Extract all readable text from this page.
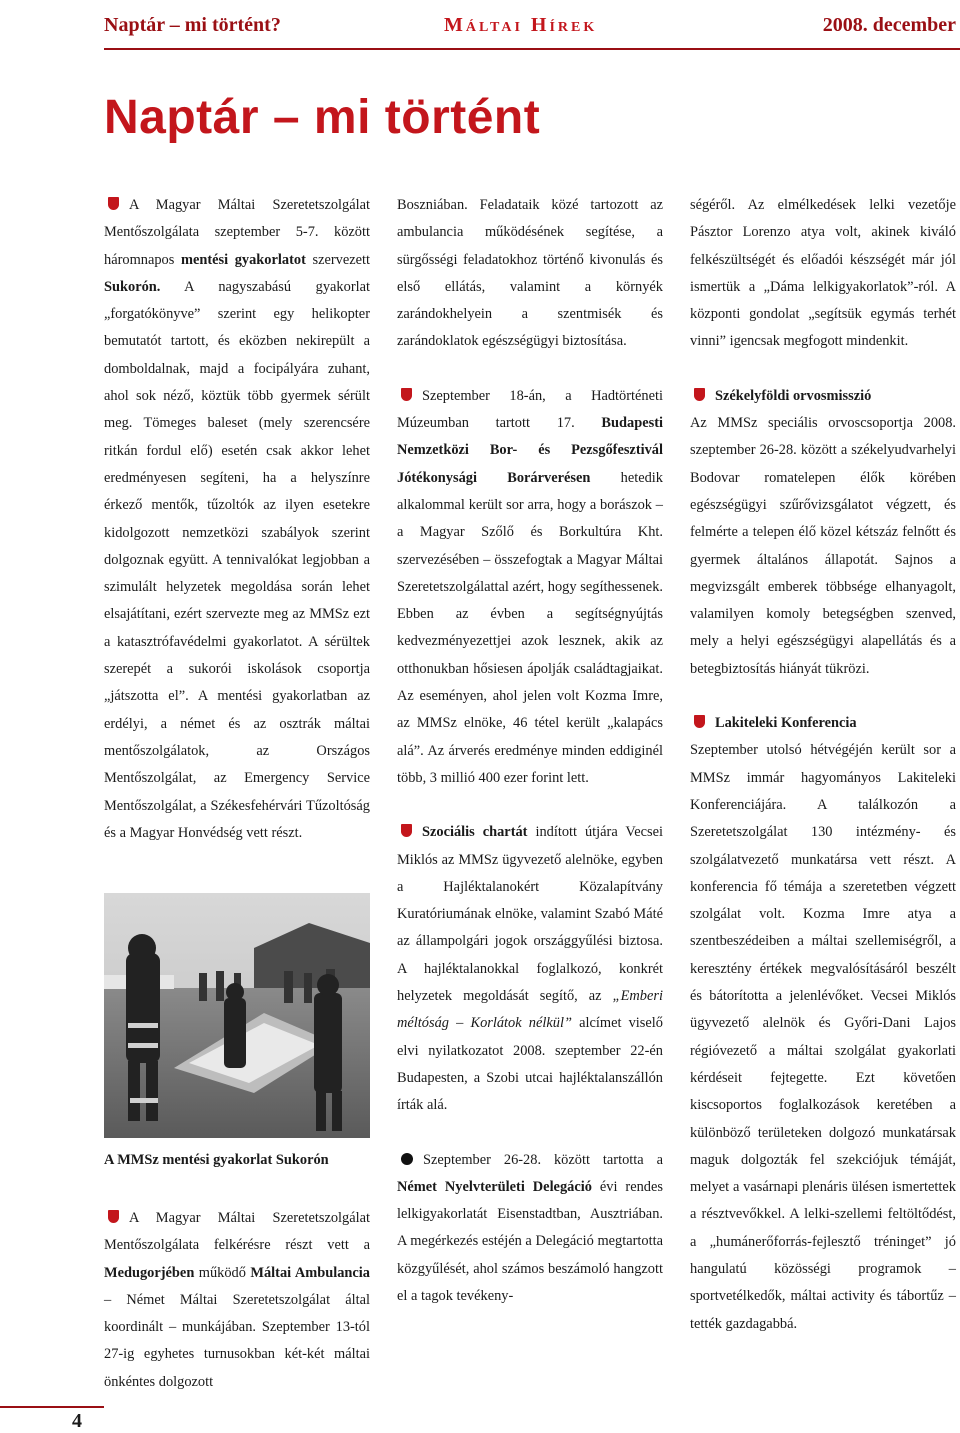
Naptár – mi történt?	Máltai Hírek	2008. december
Naptár – mi történt

A Magyar Máltai Szeretetszolgálat Mentőszolgálata szeptember 5-7. között háromnapos mentési gyakorlatot szervezett Sukorón. A nagyszabású gyakorlat „forgatókönyve” szerint egy helikopter bemutatót tartott, és eközben nekirepült a domboldalnak, majd a focipályára zuhant, ahol sok néző, köztük több gyermek sérült meg. Tömeges baleset (mely szerencsére ritkán fordul elő) esetén csak akkor lehet eredményesen segíteni, ha a helyszínre érkező mentők, tűzoltók az ilyen esetekre kidolgozott nemzetközi szabályok szerint dolgoznak együtt. A tennivalókat legjobban a szimulált helyzetek megoldása során lehet elsajátítani, ezért szervezte meg az MMSz ezt a katasztrófavédelmi gyakorlatot. A sérültek szerepét a sukorói iskolások csoportja „játszotta el”. A mentési gyakorlatban az erdélyi, a német és az osztrák máltai mentőszolgálatok, az Országos Mentőszolgálat, az Emergency Service Mentőszolgálat, a Székesfehérvári Tűzoltóság és a Magyar Honvédség vett részt.

A MMSz mentési gyakorlat Sukorón

A Magyar Máltai Szeretetszolgálat Mentőszolgálata felkérésre részt vett a Medugorjében működő Máltai Ambulancia – Német Máltai Szeretetszolgálat által koordinált – munkájában. Szeptember 13-tól 27-ig egyhetes turnusokban két-két máltai önkéntes dolgozott

Boszniában. Feladataik közé tartozott az ambulancia működésének segítése, a sürgősségi feladatokhoz történő kivonulás és első ellátás, valamint a környék zarándokhelyein a szentmisék és zarándoklatok egészségügyi biztosítása.

Szeptember 18-án, a Hadtörténeti Múzeumban tartott 17. Budapesti Nemzetközi Bor- és Pezsgőfesztivál Jótékonysági Borárverésen hetedik alkalommal került sor arra, hogy a borászok – a Magyar Szőlő és Borkultúra Kht. szervezésében – összefogtak a Magyar Máltai Szeretetszolgálattal azért, hogy segíthessenek. Ebben az évben a segítségnyújtás kedvezményezettjei azok lesznek, akik az otthonukban hősiesen ápolják családtagjaikat. Az eseményen, ahol jelen volt Kozma Imre, az MMSz elnöke, 46 tétel került „kalapács alá”. Az árverés eredménye minden eddiginél több, 3 millió 400 ezer forint lett.

Szociális chartát indított útjára Vecsei Miklós az MMSz ügyvezető alelnöke, egyben a Hajléktalanokért Közalapítvány Kuratóriumának elnöke, valamint Szabó Máté az állampolgári jogok országgyűlési biztosa. A hajléktalanokkal foglalkozó, konkrét helyzetek megoldását segítő, az „Emberi méltóság – Korlátok nélkül” alcímet viselő elvi nyilatkozatot 2008. szeptember 22-én Budapesten, a Szobi utcai hajléktalanszállón írták alá.

Szeptember 26-28. között tartotta a Német Nyelvterületi Delegáció évi rendes lelkigyakorlatát Eisenstadtban, Ausztriában. A megérkezés estéjén a Delegáció megtartotta közgyűlését, ahol számos beszámoló hangzott el a tagok tevékeny-

ségéről. Az elmélkedések lelki vezetője Pásztor Lorenzo atya volt, akinek kiváló felkészültségét és előadói készségét már jól ismertük a „Dáma lelkigyakorlatok”-ról. A központi gondolat „segítsük egymás terhét vinni” igencsak megfogott mindenkit.

Székelyföldi orvosmisszió
Az MMSz speciális orvoscsoportja 2008. szeptember 26-28. között a székelyudvarhelyi Bodovar romatelepen élők körében egészségügyi szűrővizsgálatot végzett, és felmérte a telepen élő közel kétszáz felnőtt és gyermek általános állapotát. Sajnos a megvizsgált emberek többsége elhanyagolt, valamilyen komoly betegségben szenved, mely a helyi egészségügyi alapellátás és a betegbiztosítás hiányát tükrözi.

Lakiteleki Konferencia
Szeptember utolsó hétvégéjén került sor a MMSz immár hagyományos Lakiteleki Konferenciájára. A találkozón a Szeretetszolgálat 130 intézmény- és szolgálatvezető munkatársa vett részt. A konferencia fő témája a szeretetben végzett szolgálat volt. Kozma Imre atya a szentbeszédeiben a máltai szellemiségről, a keresztény értékek megvalósításáról beszélt és bátorította a jelenlévőket. Vecsei Miklós ügyvezető alelnök és Győri-Dani Lajos régióvezető a máltai szolgálat gyakorlati kérdéseit fejtegette. Ezt követően kiscsoportos foglalkozások keretében a különböző területeken dolgozó munkatársak maguk dolgozták fel szekciójuk témáját, melyet a vasárnapi plenáris ülésen ismertettek a résztvevőkkel. A lelki-szellemi feltöltődést, a „humánerőforrás-fejlesztő tréninget” jó hangulatú közösségi programok – sportvetélkedők, máltai activity és tábortűz – tették gazdagabbá.

4
